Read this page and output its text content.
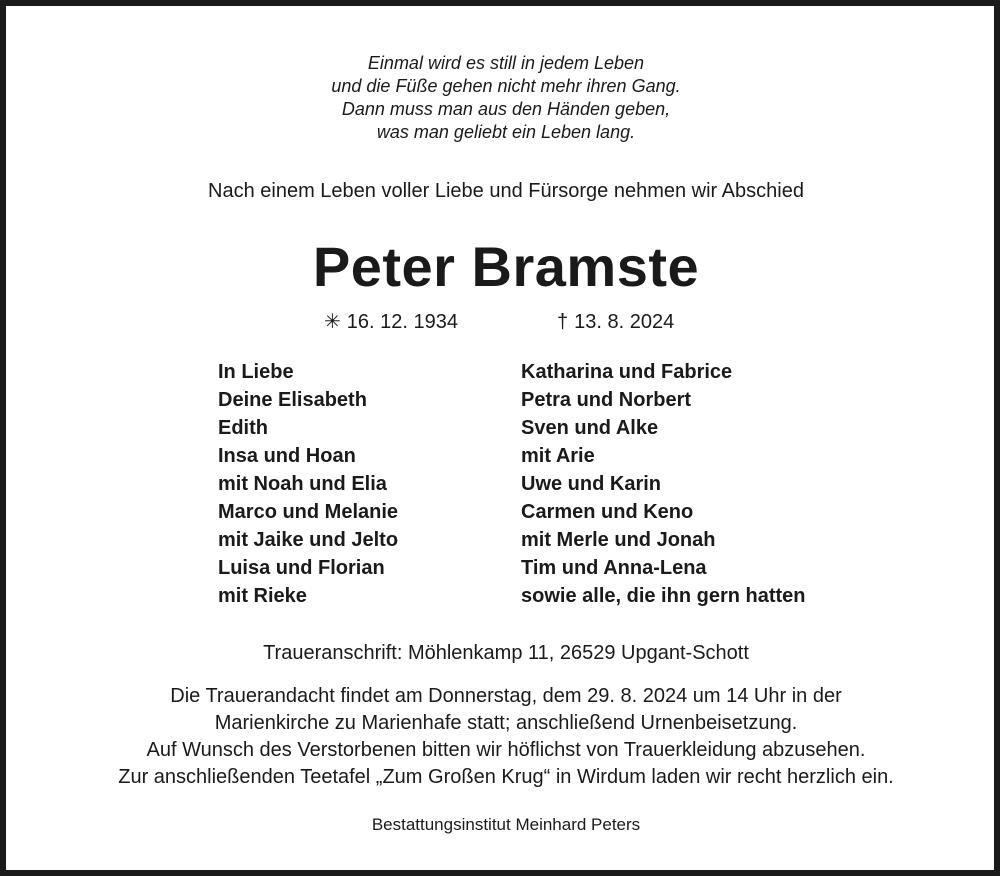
Einmal wird es still in jedem Leben
und die Füße gehen nicht mehr ihren Gang.
Dann muss man aus den Händen geben,
was man geliebt ein Leben lang.
Nach einem Leben voller Liebe und Fürsorge nehmen wir Abschied
Peter Bramste
✳ 16. 12. 1934	† 13. 8. 2024
In Liebe
Deine Elisabeth
Edith
Insa und Hoan
mit Noah und Elia
Marco und Melanie
mit Jaike und Jelto
Luisa und Florian
mit Rieke
Katharina und Fabrice
Petra und Norbert
Sven und Alke
mit Arie
Uwe und Karin
Carmen und Keno
mit Merle und Jonah
Tim und Anna-Lena
sowie alle, die ihn gern hatten
Traueranschrift: Möhlenkamp 11, 26529 Upgant-Schott
Die Trauerandacht findet am Donnerstag, dem 29. 8. 2024 um 14 Uhr in der
Marienkirche zu Marienhafe statt; anschließend Urnenbeisetzung.
Auf Wunsch des Verstorbenen bitten wir höflichst von Trauerkleidung abzusehen.
Zur anschließenden Teetafel „Zum Großen Krug“ in Wirdum laden wir recht herzlich ein.
Bestattungsinstitut Meinhard Peters
